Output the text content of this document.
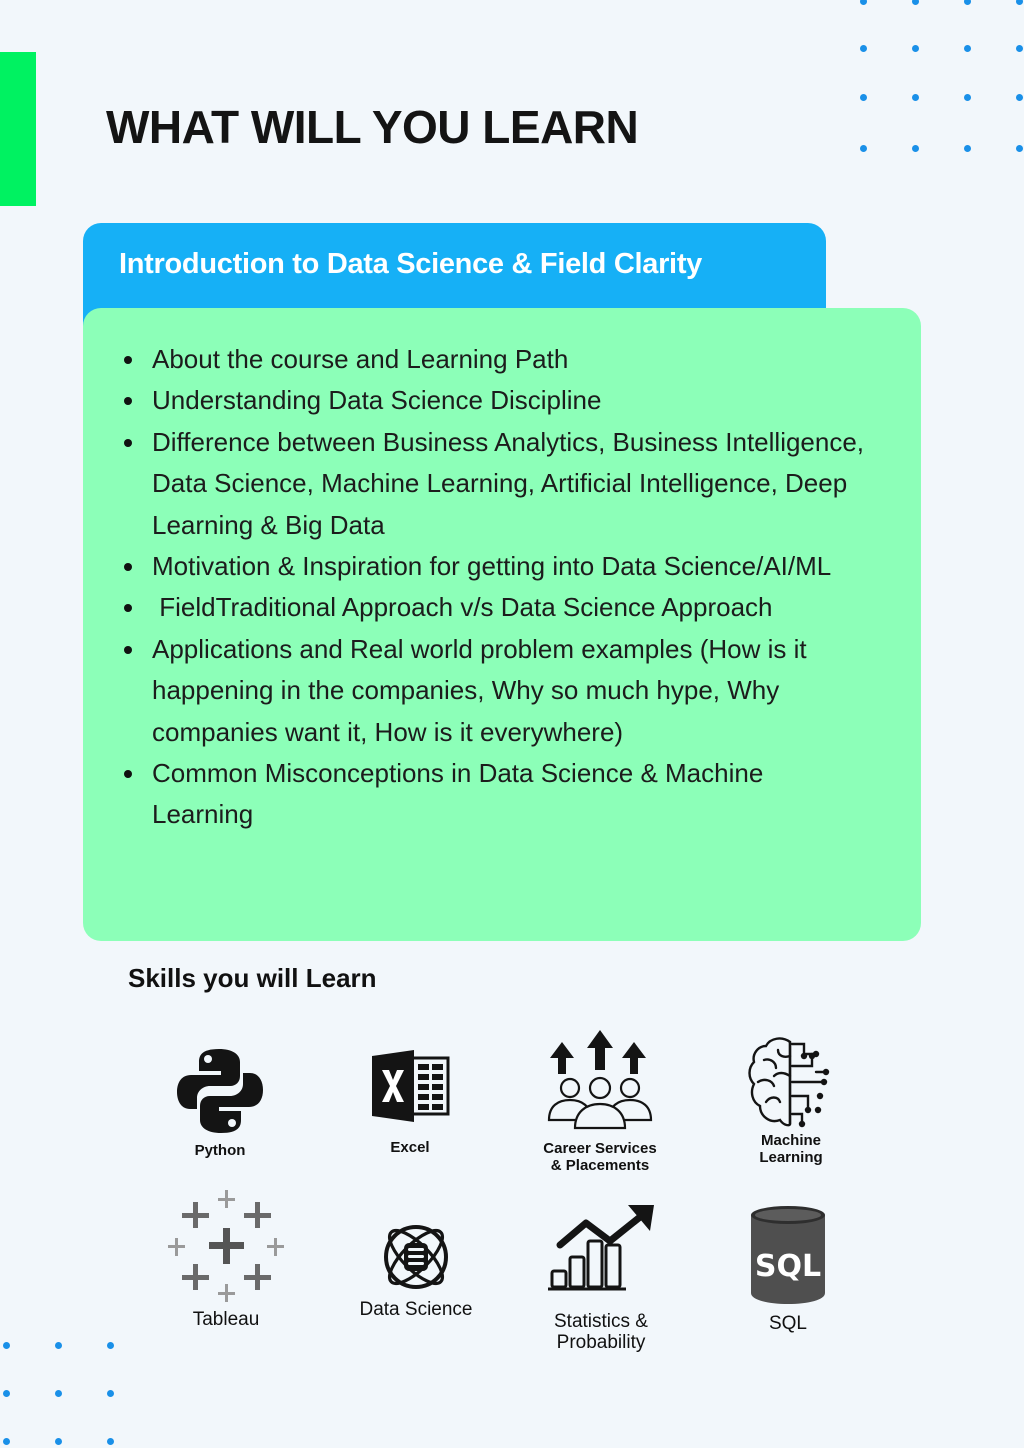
WHAT WILL YOU LEARN
Introduction to Data Science & Field Clarity
About the course and Learning Path
Understanding Data Science Discipline
Difference between Business Analytics, Business Intelligence, Data Science, Machine Learning, Artificial Intelligence, Deep Learning & Big Data
Motivation & Inspiration for getting into Data Science/AI/ML
FieldTraditional Approach v/s Data Science Approach
Applications and Real world problem examples (How is it happening in the companies, Why so much hype, Why companies want it, How is it everywhere)
Common Misconceptions in Data Science & Machine Learning
Skills you will Learn
Python	Excel	Career Services
& Placements
Machine
Learning
Tableau	Data Science
Statistics &
Probability
SQL
SQL
